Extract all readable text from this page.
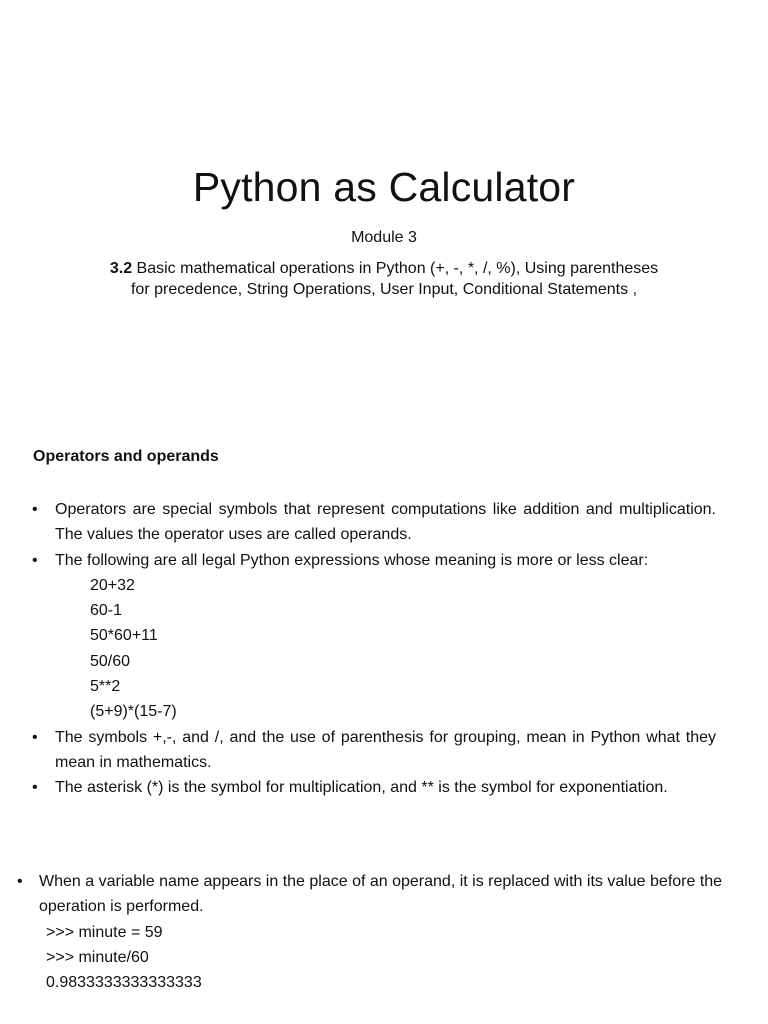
Python as Calculator
Module 3
3.2 Basic mathematical operations in Python (+, -, *, /, %), Using parentheses for precedence, String Operations, User Input, Conditional Statements ,
Operators and operands
• Operators are special symbols that represent computations like addition and multiplication. The values the operator uses are called operands.
• The following are all legal Python expressions whose meaning is more or less clear:
20+32
60-1
50*60+11
50/60
5**2
(5+9)*(15-7)
• The symbols +,-, and /, and the use of parenthesis for grouping, mean in Python what they mean in mathematics.
• The asterisk (*) is the symbol for multiplication, and ** is the symbol for exponentiation.
• When a variable name appears in the place of an operand, it is replaced with its value before the operation is performed.
>>> minute = 59
>>> minute/60
0.9833333333333333
